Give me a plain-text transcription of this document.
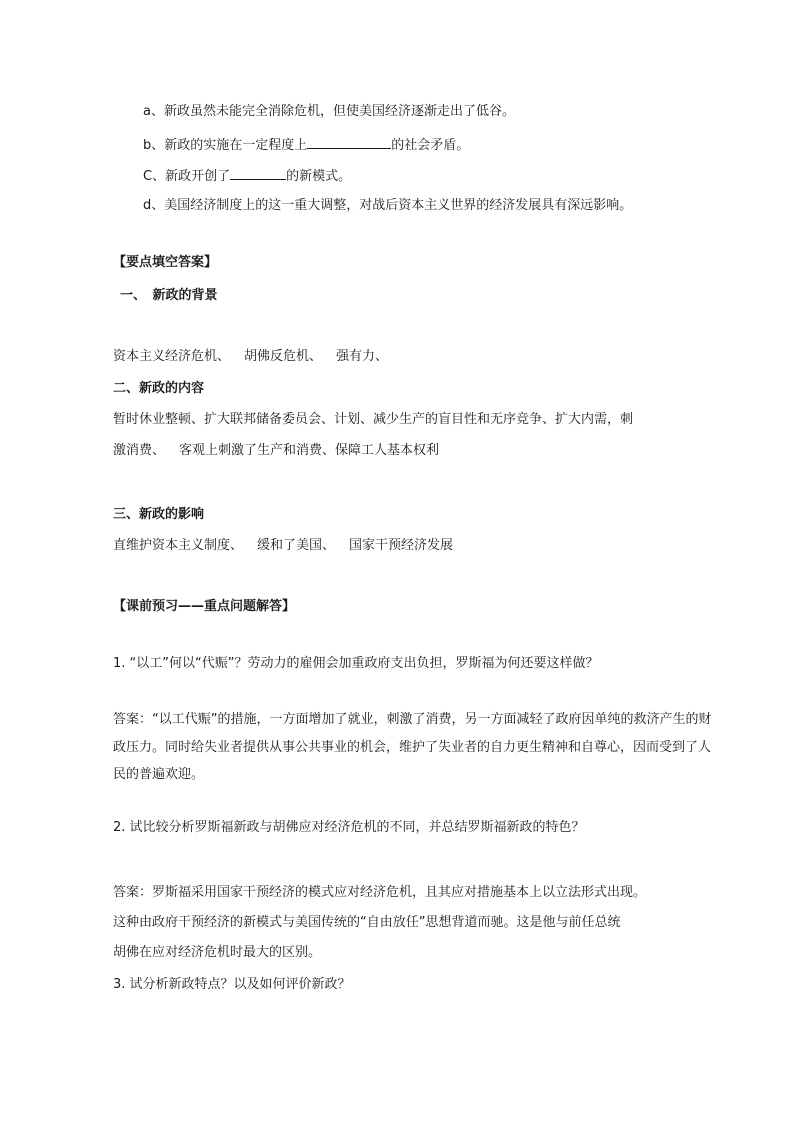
a、新政虽然未能完全消除危机，但使美国经济逐渐走出了低谷。
b、新政的实施在一定程度上	的社会矛盾。
C、新政开创了	的新模式。
d、美国经济制度上的这一重大调整，对战后资本主义世界的经济发展具有深远影响。
【要点填空答案】
一、　新政的背景
资本主义经济危机、 胡佛反危机、 强有力、
二、新政的内容
暂时休业整顿、扩大联邦储备委员会、计划、减少生产的盲目性和无序竞争、扩大内需，刺
激消费、 客观上刺激了生产和消费、保障工人基本权利
三、新政的影响
直维护资本主义制度、 缓和了美国、 国家干预经济发展
【课前预习——重点问题解答】
1. “以工”何以“代赈”？劳动力的雇佣会加重政府支出负担，罗斯福为何还要这样做？
答案：“以工代赈”的措施，一方面增加了就业，刺激了消费，另一方面减轻了政府因单纯的救济产生的财
政压力。同时给失业者提供从事公共事业的机会，维护了失业者的自力更生精神和自尊心，因而受到了人
民的普遍欢迎。
2. 试比较分析罗斯福新政与胡佛应对经济危机的不同，并总结罗斯福新政的特色？
答案：罗斯福采用国家干预经济的模式应对经济危机，且其应对措施基本上以立法形式出现。
这种由政府干预经济的新模式与美国传统的“自由放任”思想背道而驰。这是他与前任总统
胡佛在应对经济危机时最大的区别。
3. 试分析新政特点？以及如何评价新政？
